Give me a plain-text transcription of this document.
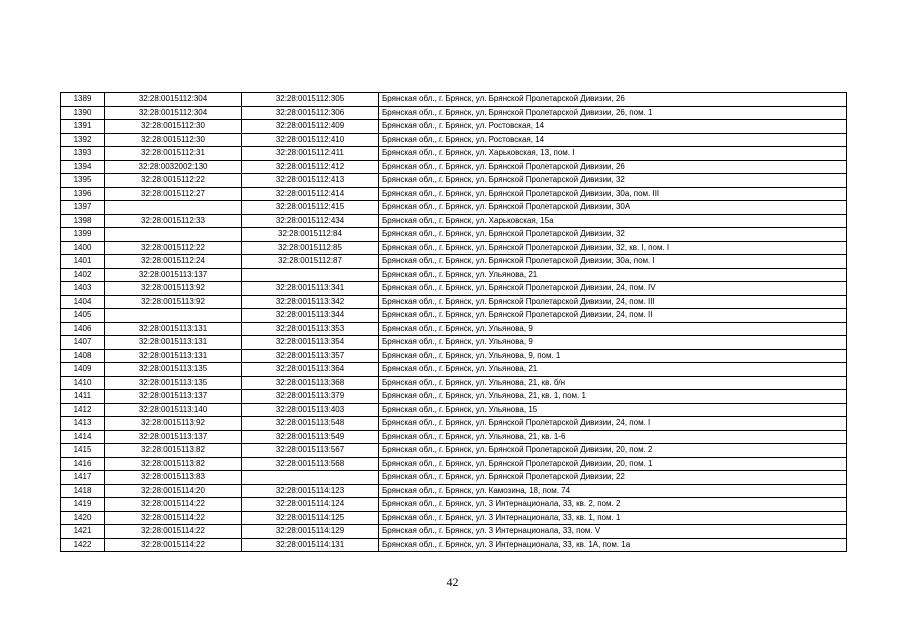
1389	32:28:0015112:304	32:28:0015112:305	Брянская обл., г. Брянск, ул. Брянской Пролетарской Дивизии, 26
1390	32:28:0015112:304	32:28:0015112:306	Брянская обл., г. Брянск, ул. Брянской Пролетарской Дивизии, 26, пом. 1
1391	32:28:0015112:30	32:28:0015112:409	Брянская обл., г. Брянск, ул. Ростовская, 14
1392	32:28:0015112:30	32:28:0015112:410	Брянская обл., г. Брянск, ул. Ростовская, 14
1393	32:28:0015112:31	32:28:0015112:411	Брянская обл., г. Брянск, ул. Харьковская, 13, пом. I
1394	32:28:0032002:130	32:28:0015112:412	Брянская обл., г. Брянск, ул. Брянской Пролетарской Дивизии, 26
1395	32:28:0015112:22	32:28:0015112:413	Брянская обл., г. Брянск, ул. Брянской Пролетарской Дивизии, 32
1396	32:28:0015112:27	32:28:0015112:414	Брянская обл., г. Брянск, ул. Брянской Пролетарской Дивизии, 30а, пом. III
1397		32:28:0015112:415	Брянская обл., г. Брянск, ул. Брянской Пролетарской Дивизии, 30А
1398	32:28:0015112:33	32:28:0015112:434	Брянская обл., г. Брянск, ул. Харьковская, 15а
1399		32:28:0015112:84	Брянская обл., г. Брянск, ул. Брянской Пролетарской Дивизии, 32
1400	32:28:0015112:22	32:28:0015112:85	Брянская обл., г. Брянск, ул. Брянской Пролетарской Дивизии, 32, кв. I, пом. I
1401	32:28:0015112:24	32:28:0015112:87	Брянская обл., г. Брянск, ул. Брянской Пролетарской Дивизии, 30а, пом. I
1402	32:28:0015113:137		Брянская обл., г. Брянск, ул. Ульянова, 21
1403	32:28:0015113:92	32:28:0015113:341	Брянская обл., г. Брянск, ул. Брянской Пролетарской Дивизии, 24, пом. IV
1404	32:28:0015113:92	32:28:0015113:342	Брянская обл., г. Брянск, ул. Брянской Пролетарской Дивизии, 24, пом. III
1405		32:28:0015113:344	Брянская обл., г. Брянск, ул. Брянской Пролетарской Дивизии, 24, пом. II
1406	32:28:0015113:131	32:28:0015113:353	Брянская обл., г. Брянск, ул. Ульянова, 9
1407	32:28:0015113:131	32:28:0015113:354	Брянская обл., г. Брянск, ул. Ульянова, 9
1408	32:28:0015113:131	32:28:0015113:357	Брянская обл., г. Брянск, ул. Ульянова, 9, пом. 1
1409	32:28:0015113:135	32:28:0015113:364	Брянская обл., г. Брянск, ул. Ульянова, 21
1410	32:28:0015113:135	32:28:0015113:368	Брянская обл., г. Брянск, ул. Ульянова, 21, кв. б/н
1411	32:28:0015113:137	32:28:0015113:379	Брянская обл., г. Брянск, ул. Ульянова, 21, кв. 1, пом. 1
1412	32:28:0015113:140	32:28:0015113:403	Брянская обл., г. Брянск, ул. Ульянова, 15
1413	32:28:0015113:92	32:28:0015113:548	Брянская обл., г. Брянск, ул. Брянской Пролетарской Дивизии, 24, пом. I
1414	32:28:0015113:137	32:28:0015113:549	Брянская обл., г. Брянск, ул. Ульянова, 21, кв. 1-6
1415	32:28:0015113:82	32:28:0015113:567	Брянская обл., г. Брянск, ул. Брянской Пролетарской Дивизии, 20, пом. 2
1416	32:28:0015113:82	32:28:0015113:568	Брянская обл., г. Брянск, ул. Брянской Пролетарской Дивизии, 20, пом. 1
1417	32:28:0015113:83		Брянская обл., г. Брянск, ул. Брянской Пролетарской Дивизии, 22
1418	32:28:0015114:20	32:28:0015114:123	Брянская обл., г. Брянск, ул. Камозина, 18, пом. 74
1419	32:28:0015114:22	32:28:0015114:124	Брянская обл., г. Брянск, ул. 3 Интернационала, 33, кв. 2, пом. 2
1420	32:28:0015114:22	32:28:0015114:125	Брянская обл., г. Брянск, ул. 3 Интернационала, 33, кв. 1, пом. 1
1421	32:28:0015114:22	32:28:0015114:129	Брянская обл., г. Брянск, ул. 3 Интернационала, 33, пом. V
1422	32:28:0015114:22	32:28:0015114:131	Брянская обл., г. Брянск, ул. 3 Интернационала, 33, кв. 1А, пом. 1а
42
